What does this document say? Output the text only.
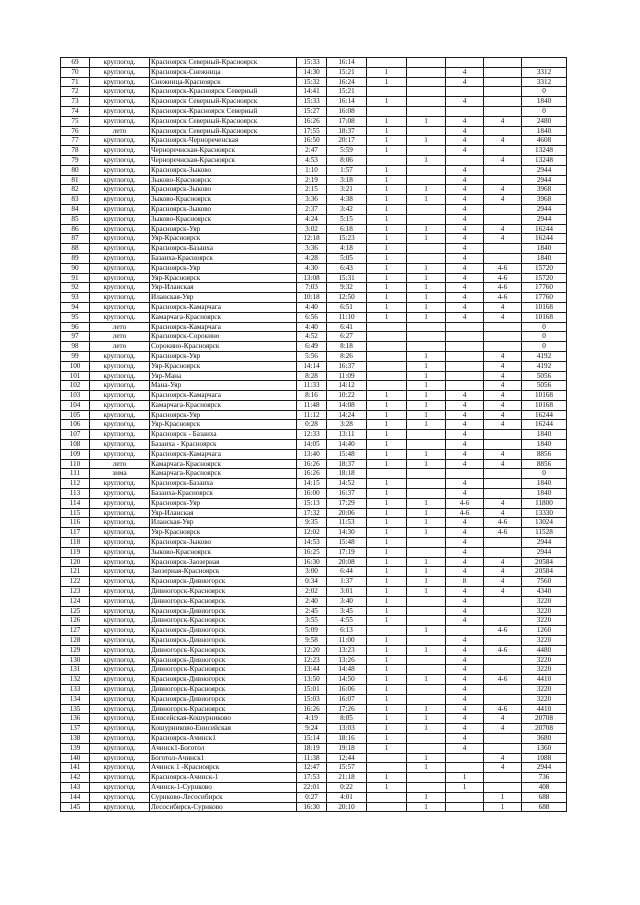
69	круглогод.	Красноярск Северный-Красноярск	15:33	16:14					
70	круглогод.	Красноярск-Снежница	14:30	15:21	1		4		3312
71	круглогод.	Снежница-Красноярск	15:32	16:24	1		4		3312
72	круглогод.	Красноярск-Красноярск Северный	14:41	15:21					0
73	круглогод.	Красноярск Северный-Красноярск	15:33	16:14	1		4		1840
74	круглогод.	Красноярск-Красноярск Северный	15:27	16:08					0
75	круглогод.	Красноярск Северный-Красноярск	16:26	17:08	1	1	4	4	2480
76	лето	Красноярск Северный-Красноярск	17:55	18:37	1		4		1840
77	круглогод.	Красноярск-Чернореченская	16:50	20:17	1	1	4	4	4608
78	круглогод.	Черноречнская-Красноярск	2:47	5:59	1		4		13248
79	круглогод.	Черноречнская-Красноярск	4:53	8:06		1		4	13248
80	круглогод.	Красноярск-Зыково	1:10	1:57	1		4		2944
81	круглогод.	Зыково-Красноярск	2:19	3:18	1		4		2944
82	круглогод.	Красноярск-Зыково	2:15	3:21	1	1	4	4	3968
83	круглогод.	Зыково-Красноярск	3:36	4:38	1	1	4	4	3968
84	круглогод.	Красноярск-Зыково	2:37	3:42	1		4		2944
85	круглогод.	Зыково-Красноярск	4:24	5:15	1		4		2944
86	круглогод.	Красноярск-Уяр	3:02	6:18	1	1	4	4	16244
87	круглогод.	Уяр-Красноярск	12:18	15:23	1	1	4	4	16244
88	круглогод.	Красноярск-Базаиха	3:36	4:18	1		4		1840
89	круглогод.	Базаиха-Красноярск	4:28	5:05	1		4		1840
90	круглогод.	Красноярск-Уяр	4:30	6:43	1	1	4	4-6	15720
91	круглогод.	Уяр-Красноярск	13:08	15:31	1	1	4	4-6	15720
92	круглогод.	Уяр-Иланская	7:03	9:32	1	1	4	4-6	17760
93	круглогод.	Иланская-Уяр	10:18	12:50	1	1	4	4-6	17760
94	круглогод.	Красноярск-Камарчага	4:40	6:51	1	1	4	4	10168
95	круглогод.	Камарчага-Красноярск	6:56	11:10	1	1	4	4	10168
96	лето	Красноярск-Камарчага	4:40	6:41					0
97	лето	Красноярск-Сорокино	4:52	6:27					0
98	лето	Сорокино-Красноярск	6:49	8:18					0
99	круглогод.	Красноярск-Уяр	5:56	8:26		1		4	4192
100	круглогод.	Уяр-Красноярск	14:14	16:37		1		4	4192
101	круглогод.	Уяр-Мана	8:28	11:09		1		4	5056
102	круглогод.	Мана-Уяр	11:33	14:12		1		4	5056
103	круглогод.	Красноярск-Камарчага	8:16	10:22	1	1	4	4	10168
104	круглогод.	Камарчага-Красноярск	11:48	14:08	1	1	4	4	10168
105	круглогод.	Красноярск-Уяр	11:12	14:24	1	1	4	4	16244
106	круглогод.	Уяр-Красноярск	0:28	3:28	1	1	4	4	16244
107	круглогод.	Красноярск - Базаиха	12:33	13:11	1		4		1840
108	круглогод.	Базаиха - Красноярск	14:05	14:40	1		4		1840
109	круглогод.	Красноярск-Камарчага	13:40	15:48	1	1	4	4	8856
110	лето	Камарчага-Красноярск	16:26	18:37	1	1	4	4	8856
111	зима	Камарчага-Красноярск	16:26	18:18					0
112	круглогод.	Красноярск-Базаиха	14:15	14:52	1		4		1840
113	круглогод.	Базаиха-Красноярск	16:00	16:37	1		4		1840
114	круглогод.	Красноярск-Уяр	15:13	17:29	1	1	4-6	4	11800
115	круглогод.	Уяр-Иланская	17:32	20:06	1	1	4-6	4	13330
116	круглогод.	Иланская-Уяр	9:35	11:53	1	1	4	4-6	13024
117	круглогод.	Уяр-Красноярск	12:02	14:30	1	1	4	4-6	11528
118	круглогод.	Красноярск-Зыково	14:53	15:48	1		4		2944
119	круглогод.	Зыково-Красноярск	16:25	17:19	1		4		2944
120	круглогод.	Красноярск-Заозерная	16:30	20:08	1	1	4	4	20584
121	круглогод.	Заозерная-Красноярск	3:00	6:44	1	1	4	4	20584
122	круглогод.	Красноярск-Дивногорск	0:34	1:37	1	1	8	4	7560
123	круглогод.	Дивногорск-Красноярск	2:02	3:01	1	1	4	4	4340
124	круглогод.	Дивногорск-Красноярск	2:40	3:40	1		4		3220
125	круглогод.	Красноярск-Дивногорск	2:45	3:45	1		4		3220
126	круглогод.	Дивногорск-Красноярск	3:55	4:55	1		4		3220
127	круглогод.	Красноярск-Дивногорск	5:09	6:13		1		4-6	1260
128	круглогод.	Красноярск-Дивногорск	9:58	11:00	1		4		3220
129	круглогод.	Дивногорск-Красноярск	12:20	13:23	1	1	4	4-6	4480
130	круглогод.	Красноярск-Дивногорск	12:23	13:26	1		4		3220
131	круглогод.	Дивногорск-Красноярск	13:44	14:48	1		4		3220
132	круглогод.	Красноярск-Дивногорск	13:50	14:50	1	1	4	4-6	4410
133	круглогод.	Дивногорск-Красноярск	15:01	16:06	1		4		3220
134	круглогод.	Красноярск-Дивногорск	15:03	16:07	1		4		3220
135	круглогод.	Дивногорск-Красноярск	16:26	17:26	1	1	4	4-6	4410
136	круглогод.	Енисейская-Кошурниково	4:19	8:05	1	1	4	4	20708
137	круглогод.	Кошурниково-Енисейская	9:24	13:03	1	1	4	4	20708
138	круглогод.	Красноярск-Ачинск1	15:14	18:16	1		4		3680
139	круглогод.	Ачинск1-Боготол	18:19	19:18	1		4		1360
140	круглогод.	Боготол-Ачинск1	11:38	12:44		1		4	1088
141	круглогод.	Ачинск 1 -Красноярск	12:47	15:57		1		4	2944
142	круглогод.	Красноярск-Ачинск-1	17:53	21:18	1		1		736
143	круглогод.	Ачинск-1-Сурнково	22:01	0:22	1		1		408
144	круглогод.	Сурнково-Лесосибирск	0:27	4:01		1		1	688
145	круглогод.	Лесосибирск-Сурнково	16:30	20:10		1		1	688
